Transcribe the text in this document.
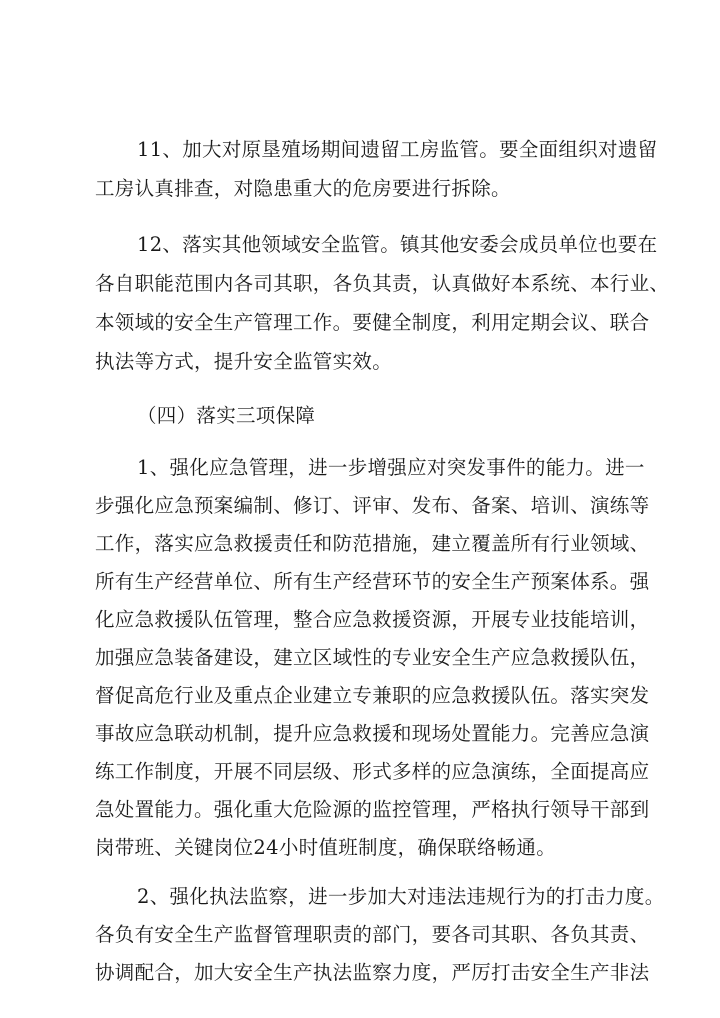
11、加大对原垦殖场期间遗留工房监管。要全面组织对遗留
工房认真排查，对隐患重大的危房要进行拆除。
12、落实其他领域安全监管。镇其他安委会成员单位也要在
各自职能范围内各司其职，各负其责，认真做好本系统、本行业、
本领域的安全生产管理工作。要健全制度，利用定期会议、联合
执法等方式，提升安全监管实效。
（四）落实三项保障
1、强化应急管理，进一步增强应对突发事件的能力。进一
步强化应急预案编制、修订、评审、发布、备案、培训、演练等
工作，落实应急救援责任和防范措施，建立覆盖所有行业领域、
所有生产经营单位、所有生产经营环节的安全生产预案体系。强
化应急救援队伍管理，整合应急救援资源，开展专业技能培训，
加强应急装备建设，建立区域性的专业安全生产应急救援队伍，
督促高危行业及重点企业建立专兼职的应急救援队伍。落实突发
事故应急联动机制，提升应急救援和现场处置能力。完善应急演
练工作制度，开展不同层级、形式多样的应急演练，全面提高应
急处置能力。强化重大危险源的监控管理，严格执行领导干部到
岗带班、关键岗位24小时值班制度，确保联络畅通。
2、强化执法监察，进一步加大对违法违规行为的打击力度。
各负有安全生产监督管理职责的部门，要各司其职、各负其责、
协调配合，加大安全生产执法监察力度，严厉打击安全生产非法
